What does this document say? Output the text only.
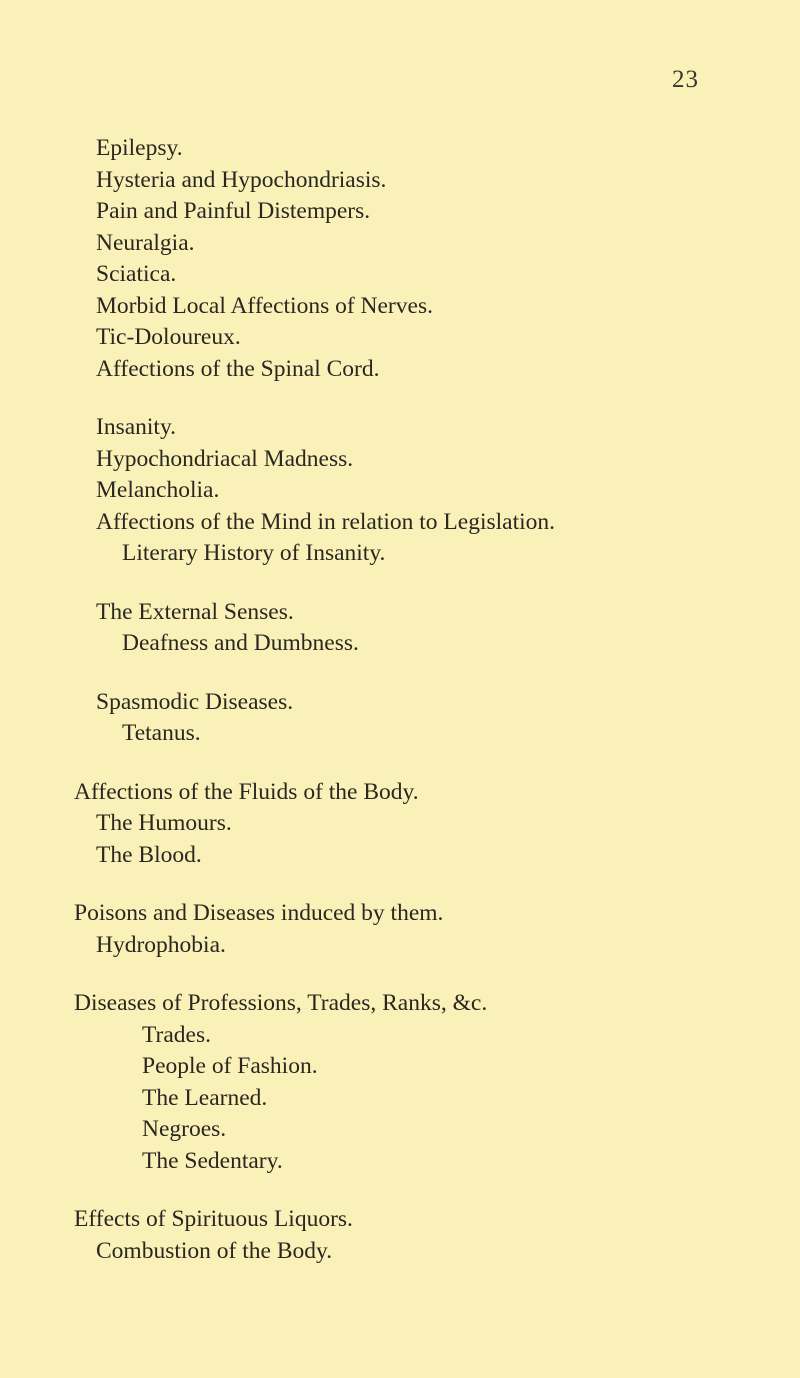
23
Epilepsy.
Hysteria and Hypochondriasis.
Pain and Painful Distempers.
Neuralgia.
Sciatica.
Morbid Local Affections of Nerves.
Tic-Doloureux.
Affections of the Spinal Cord.
Insanity.
Hypochondriacal Madness.
Melancholia.
Affections of the Mind in relation to Legislation.
Literary History of Insanity.
The External Senses.
Deafness and Dumbness.
Spasmodic Diseases.
Tetanus.
Affections of the Fluids of the Body.
The Humours.
The Blood.
Poisons and Diseases induced by them.
Hydrophobia.
Diseases of Professions, Trades, Ranks, &c.
Trades.
People of Fashion.
The Learned.
Negroes.
The Sedentary.
Effects of Spirituous Liquors.
Combustion of the Body.
